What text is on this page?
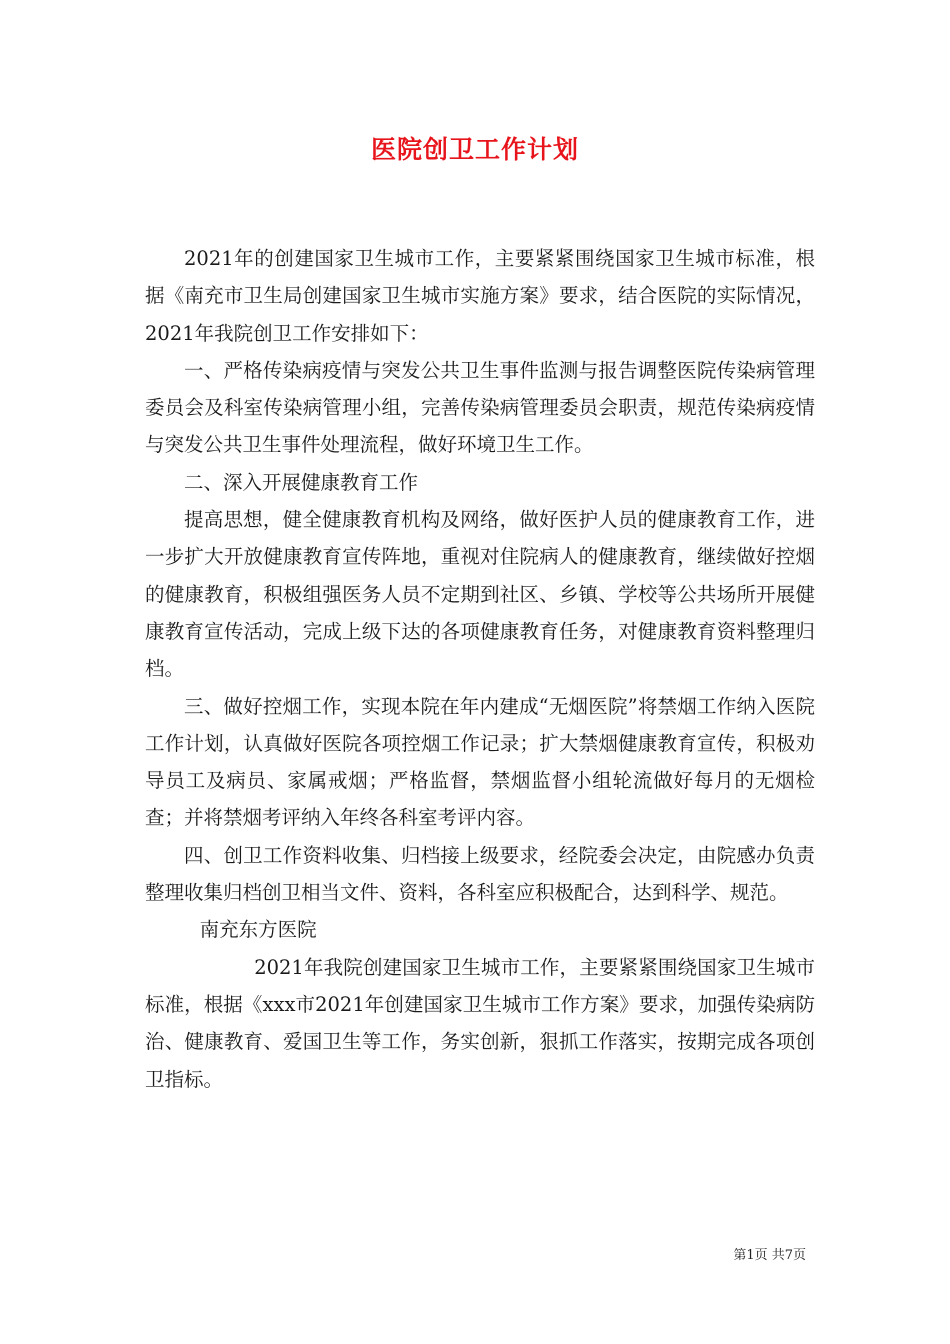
医院创卫工作计划

2021年的创建国家卫生城市工作，主要紧紧围绕国家卫生城市标准，根据《南充市卫生局创建国家卫生城市实施方案》要求，结合医院的实际情况，2021年我院创卫工作安排如下：

一、严格传染病疫情与突发公共卫生事件监测与报告调整医院传染病管理委员会及科室传染病管理小组，完善传染病管理委员会职责，规范传染病疫情与突发公共卫生事件处理流程，做好环境卫生工作。

二、深入开展健康教育工作

提高思想，健全健康教育机构及网络，做好医护人员的健康教育工作，进一步扩大开放健康教育宣传阵地，重视对住院病人的健康教育，继续做好控烟的健康教育，积极组强医务人员不定期到社区、乡镇、学校等公共场所开展健康教育宣传活动，完成上级下达的各项健康教育任务，对健康教育资料整理归档。

三、做好控烟工作，实现本院在年内建成“无烟医院”将禁烟工作纳入医院工作计划，认真做好医院各项控烟工作记录；扩大禁烟健康教育宣传，积极劝导员工及病员、家属戒烟；严格监督，禁烟监督小组轮流做好每月的无烟检查；并将禁烟考评纳入年终各科室考评内容。

四、创卫工作资料收集、归档接上级要求，经院委会决定，由院感办负责整理收集归档创卫相当文件、资料，各科室应积极配合，达到科学、规范。

南充东方医院

2021年我院创建国家卫生城市工作，主要紧紧围绕国家卫生城市标准，根据《xxx市2021年创建国家卫生城市工作方案》要求，加强传染病防治、健康教育、爱国卫生等工作，务实创新，狠抓工作落实，按期完成各项创卫指标。

第1页 共7页
